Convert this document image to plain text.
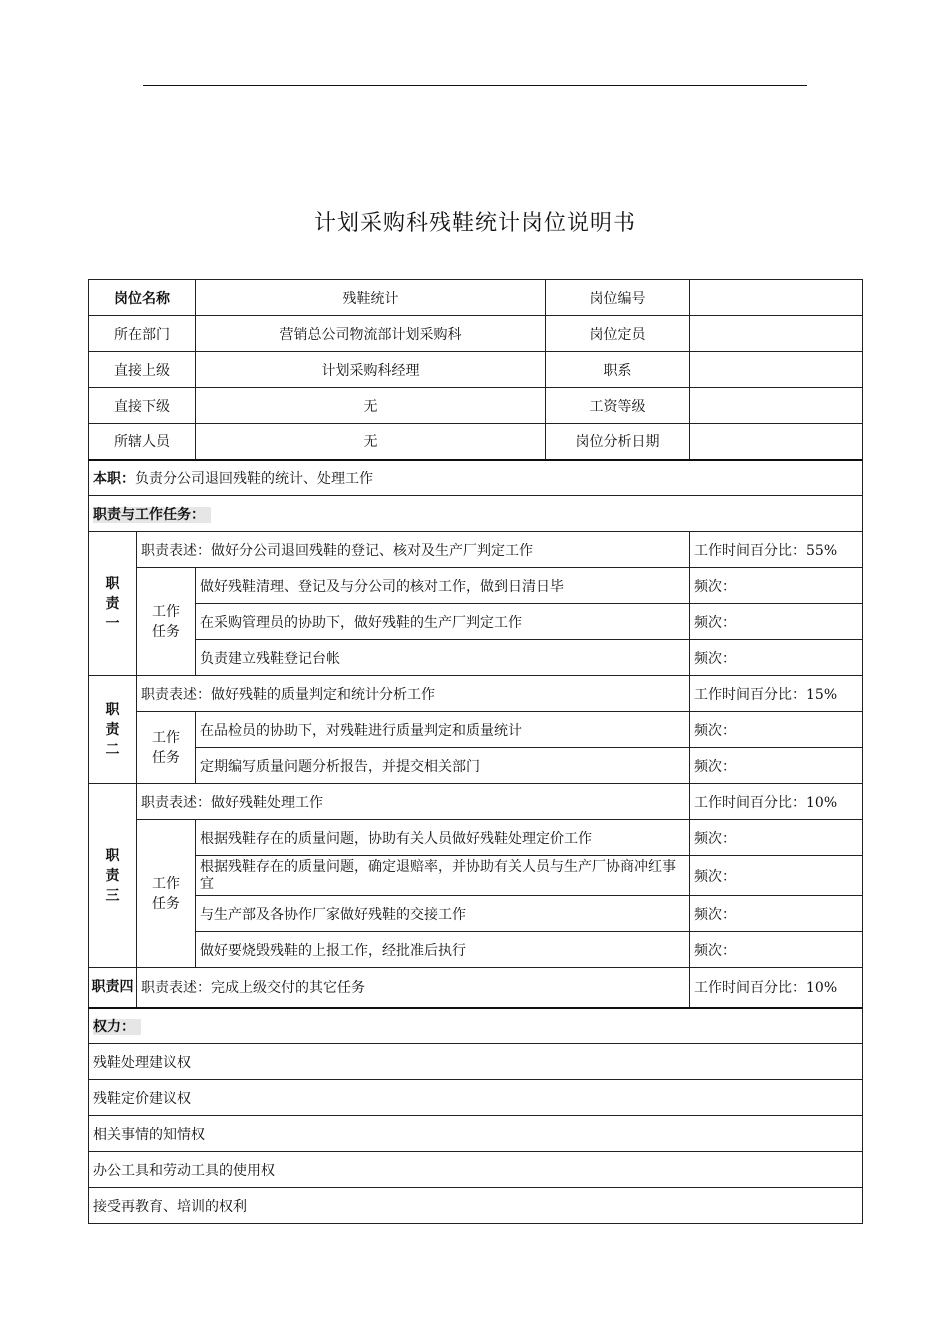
计划采购科残鞋统计岗位说明书
岗位名称		残鞋统计	岗位编号	
所在部门		营销总公司物流部计划采购科	岗位定员	
直接上级		计划采购科经理	职系	
直接下级		无	工资等级	
所辖人员		无	岗位分析日期	
本职：负责分公司退回残鞋的统计、处理工作				
职责与工作任务：				
职责一	职责表述：做好分公司退回残鞋的登记、核对及生产厂判定工作			工作时间百分比：55%
	工作任务	做好残鞋清理、登记及与分公司的核对工作，做到日清日毕		频次：
		在采购管理员的协助下，做好残鞋的生产厂判定工作		频次：
		负责建立残鞋登记台帐		频次：
职责二	职责表述：做好残鞋的质量判定和统计分析工作			工作时间百分比：15%
	工作任务	在品检员的协助下，对残鞋进行质量判定和质量统计		频次：
		定期编写质量问题分析报告，并提交相关部门		频次：
职责三	职责表述：做好残鞋处理工作			工作时间百分比：10%
	工作任务	根据残鞋存在的质量问题，协助有关人员做好残鞋处理定价工作		频次：
		根据残鞋存在的质量问题，确定退赔率，并协助有关人员与生产厂协商冲红事宜		频次：
		与生产部及各协作厂家做好残鞋的交接工作		频次：
		做好要烧毁残鞋的上报工作，经批准后执行		频次：
职责四	职责表述：完成上级交付的其它任务			工作时间百分比：10%
权力：				
残鞋处理建议权				
残鞋定价建议权				
相关事情的知情权				
办公工具和劳动工具的使用权				
接受再教育、培训的权利				
